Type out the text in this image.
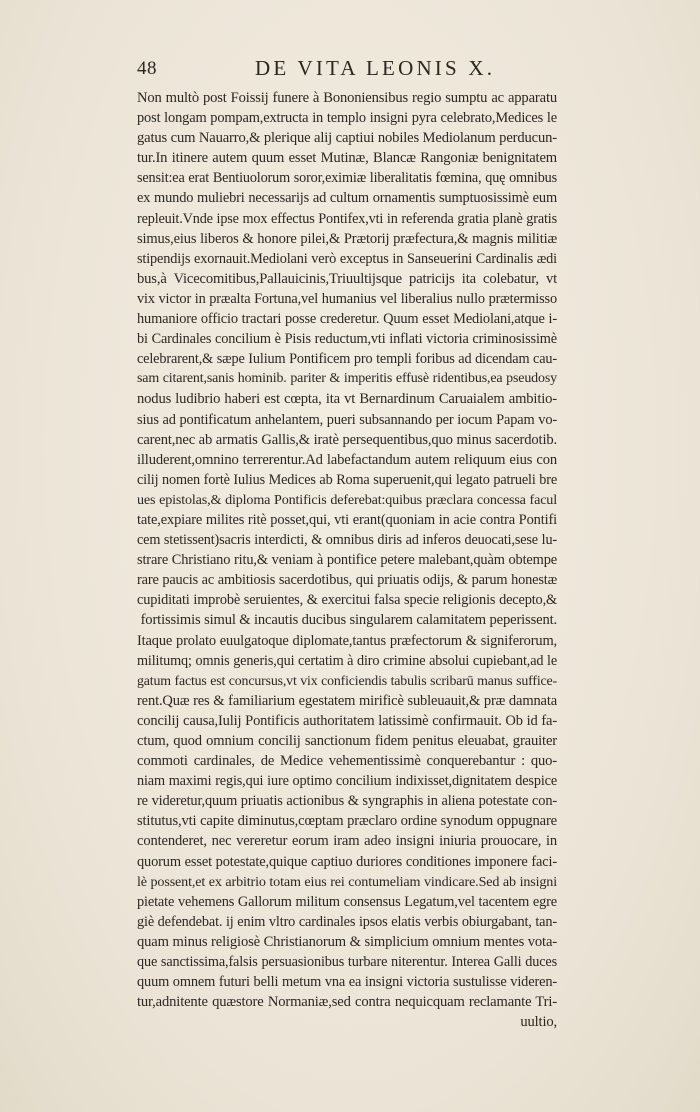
48	DE VITA LEONIS X.
Non multò post Foissij funere à Bononiensibus regio sumptu ac apparatu
post longam pompam,extructa in templo insigni pyra celebrato,Medices le
gatus cum Nauarro,& plerique alij captiui nobiles Mediolanum perducun-
tur.In itinere autem quum esset Mutinæ, Blancæ Rangoniæ benignitatem
sensit:ea erat Bentiuolorum soror,eximiæ liberalitatis fœmina, quę omnibus
ex mundo muliebri necessarijs ad cultum ornamentis sumptuosissimè eum
repleuit.Vnde ipse mox effectus Pontifex,vti in referenda gratia planè gratis
simus,eius liberos & honore pilei,& Prætorij præfectura,& magnis militiæ
stipendijs exornauit.Mediolani verò exceptus in Sanseuerini Cardinalis ædi
bus,à Vicecomitibus,Pallauicinis,Triuultijsque patricijs ita colebatur, vt
vix victor in præalta Fortuna,vel humanius vel liberalius nullo prætermisso
humaniore officio tractari posse crederetur. Quum esset Mediolani,atque i-
bi Cardinales concilium è Pisis reductum,vti inflati victoria criminosissimè
celebrarent,& sæpe Iulium Pontificem pro templi foribus ad dicendam cau-
sam citarent,sanis hominib. pariter & imperitis effusè ridentibus,ea pseudosy
nodus ludibrio haberi est cœpta, ita vt Bernardinum Caruaialem ambitio-
sius ad pontificatum anhelantem, pueri subsannando per iocum Papam vo-
carent,nec ab armatis Gallis,& iratè persequentibus,quo minus sacerdotib.
illuderent,omnino terrerentur.Ad labefactandum autem reliquum eius con
cilij nomen fortè Iulius Medices ab Roma superuenit,qui legato patrueli bre
ues epistolas,& diploma Pontificis deferebat:quibus præclara concessa facul
tate,expiare milites ritè posset,qui, vti erant(quoniam in acie contra Pontifi
cem stetissent)sacris interdicti, & omnibus diris ad inferos deuocati,sese lu-
strare Christiano ritu,& veniam à pontifice petere malebant,quàm obtempe
rare paucis ac ambitiosis sacerdotibus, qui priuatis odijs, & parum honestæ
cupiditati improbè seruientes, & exercitui falsa specie religionis decepto,&
fortissimis simul & incautis ducibus singularem calamitatem peperissent.
Itaque prolato euulgatoque diplomate,tantus præfectorum & signiferorum,
militumq; omnis generis,qui certatim à diro crimine absolui cupiebant,ad le
gatum factus est concursus,vt vix conficiendis tabulis scribarū manus suffice-
rent.Quæ res & familiarium egestatem mirificè subleuauit,& præ damnata
concilij causa,Iulij Pontificis authoritatem latissimè confirmauit. Ob id fa-
ctum, quod omnium concilij sanctionum fidem penitus eleuabat, grauiter
commoti cardinales, de Medice vehementissimè conquerebantur : quo-
niam maximi regis,qui iure optimo concilium indixisset,dignitatem despice
re videretur,quum priuatis actionibus & syngraphis in aliena potestate con-
stitutus,vti capite diminutus,cœptam præclaro ordine synodum oppugnare
contenderet, nec vereretur eorum iram adeo insigni iniuria prouocare, in
quorum esset potestate,quique captiuo duriores conditiones imponere faci-
lè possent,et ex arbitrio totam eius rei contumeliam vindicare.Sed ab insigni
pietate vehemens Gallorum militum consensus Legatum,vel tacentem egre
giè defendebat. ij enim vltro cardinales ipsos elatis verbis obiurgabant, tan-
quam minus religiosè Christianorum & simplicium omnium mentes vota-
que sanctissima,falsis persuasionibus turbare niterentur. Interea Galli duces
quum omnem futuri belli metum vna ea insigni victoria sustulisse videren-
tur,adnitente quæstore Normaniæ,sed contra nequicquam reclamante Tri-
uultio,
